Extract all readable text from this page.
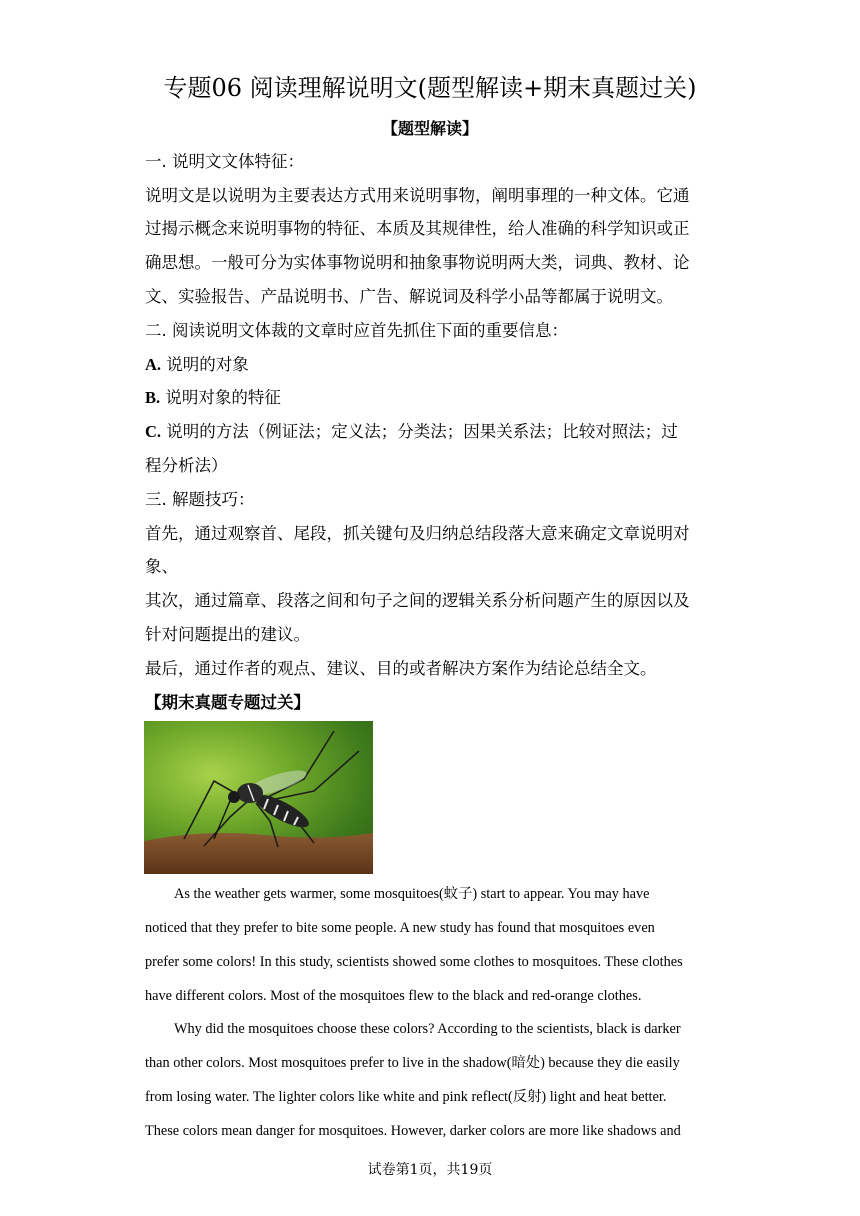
专题06 阅读理解说明文(题型解读+期末真题过关)
【题型解读】
一. 说明文文体特征：
说明文是以说明为主要表达方式用来说明事物，阐明事理的一种文体。它通
过揭示概念来说明事物的特征、本质及其规律性，给人准确的科学知识或正
确思想。一般可分为实体事物说明和抽象事物说明两大类，词典、教材、论
文、实验报告、产品说明书、广告、解说词及科学小品等都属于说明文。
二. 阅读说明文体裁的文章时应首先抓住下面的重要信息：
A. 说明的对象
B. 说明对象的特征
C. 说明的方法（例证法；定义法；分类法；因果关系法；比较对照法；过
程分析法）
三. 解题技巧：
首先，通过观察首、尾段，抓关键句及归纳总结段落大意来确定文章说明对
象、
其次，通过篇章、段落之间和句子之间的逻辑关系分析问题产生的原因以及
针对问题提出的建议。
最后，通过作者的观点、建议、目的或者解决方案作为结论总结全文。
【期末真题专题过关】
As the weather gets warmer, some mosquitoes(蚊子) start to appear. You may have
noticed that they prefer to bite some people. A new study has found that mosquitoes even
prefer some colors! In this study, scientists showed some clothes to mosquitoes. These clothes
have different colors. Most of the mosquitoes flew to the black and red-orange clothes.
Why did the mosquitoes choose these colors? According to the scientists, black is darker
than other colors. Most mosquitoes prefer to live in the shadow(暗处) because they die easily
from losing water. The lighter colors like white and pink reflect(反射) light and heat better.
These colors mean danger for mosquitoes. However, darker colors are more like shadows and
试卷第1页，共19页
